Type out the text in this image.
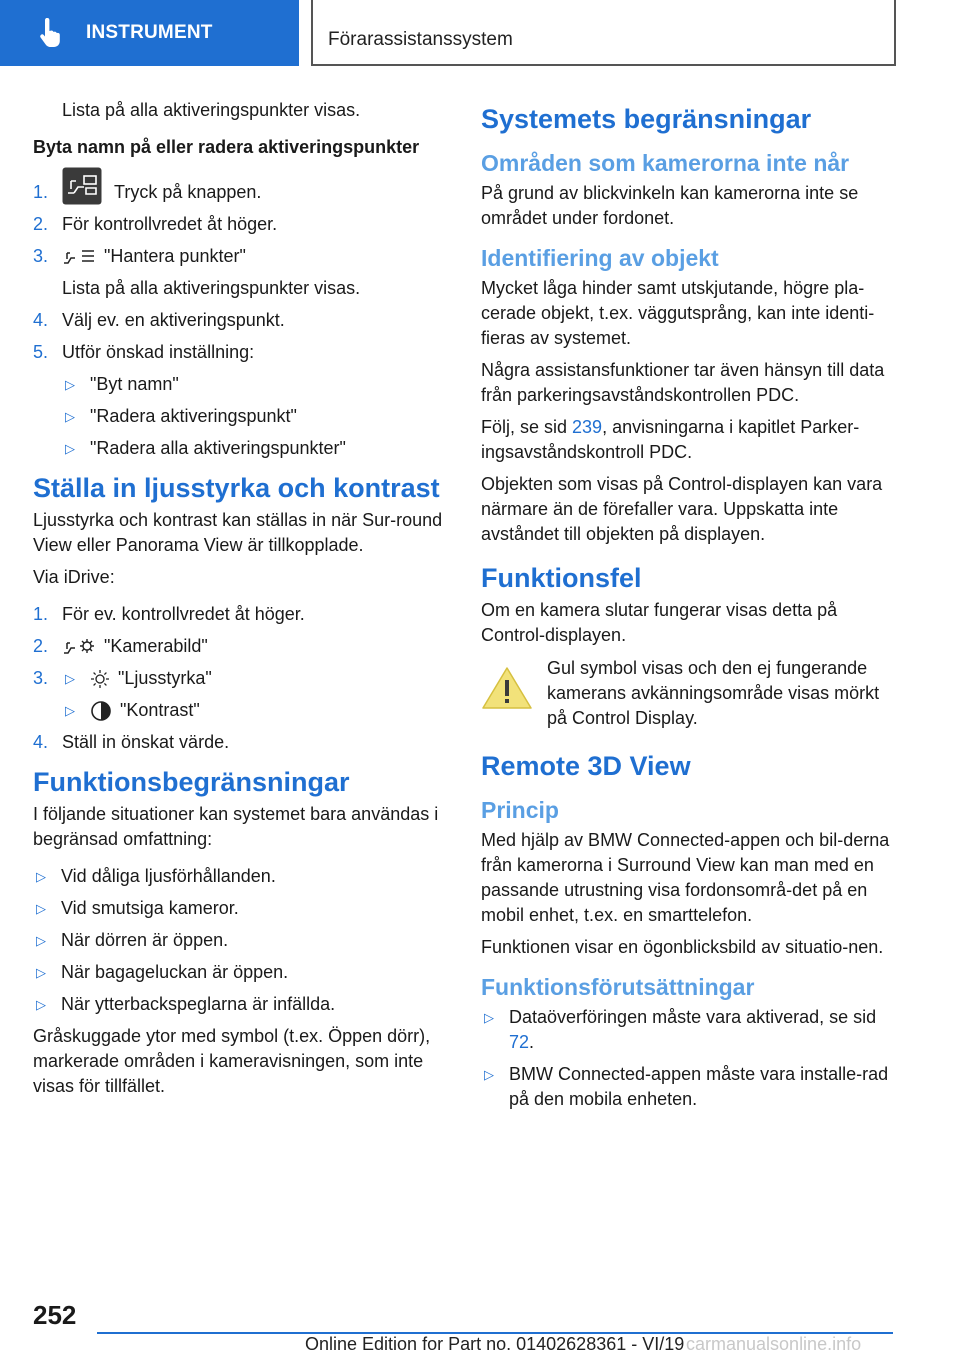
INSTRUMENT	Förarassistanssystem
Lista på alla aktiveringspunkter visas.
Byta namn på eller radera aktiveringspunkter
1.	Tryck på knappen.
2. För kontrollvredet åt höger.
3.	"Hantera punkter"
Lista på alla aktiveringspunkter visas.
4. Välj ev. en aktiveringspunkt.
5. Utför önskad inställning:
▷ "Byt namn"
▷ "Radera aktiveringspunkt"
▷ "Radera alla aktiveringspunkter"
Ställa in ljusstyrka och kontrast
Ljusstyrka och kontrast kan ställas in när Sur-round View eller Panorama View är tillkopplade.
Via iDrive:
1. För ev. kontrollvredet åt höger.
2.	"Kamerabild"
3.	▷	"Ljusstyrka"
▷	"Kontrast"
4. Ställ in önskat värde.
Funktionsbegränsningar
I följande situationer kan systemet bara användas i begränsad omfattning:
▷ Vid dåliga ljusförhållanden.
▷ Vid smutsiga kameror.
▷ När dörren är öppen.
▷ När bagageluckan är öppen.
▷ När ytterbackspeglarna är infällda.
Gråskuggade ytor med symbol (t.ex. Öppen dörr), markerade områden i kameravisningen, som inte visas för tillfället.
Systemets begränsningar
Områden som kamerorna inte når
På grund av blickvinkeln kan kamerorna inte se området under fordonet.
Identifiering av objekt
Mycket låga hinder samt utskjutande, högre pla-cerade objekt, t.ex. väggutsprång, kan inte identi-fieras av systemet.
Några assistansfunktioner tar även hänsyn till data från parkeringsavståndskontrollen PDC.
Följ, se sid 239, anvisningarna i kapitlet Parker-ingsavståndskontroll PDC.
Objekten som visas på Control-displayen kan vara närmare än de förefaller vara. Uppskatta inte avståndet till objekten på displayen.
Funktionsfel
Om en kamera slutar fungerar visas detta på Control-displayen.
Gul symbol visas och den ej fungerande kamerans avkänningsområde visas mörkt på Control Display.
Remote 3D View
Princip
Med hjälp av BMW Connected-appen och bil-derna från kamerorna i Surround View kan man med en passande utrustning visa fordonsområ-det på en mobil enhet, t.ex. en smarttelefon.
Funktionen visar en ögonblicksbild av situatio-nen.
Funktionsförutsättningar
▷ Dataöverföringen måste vara aktiverad, se sid 72.
▷ BMW Connected-appen måste vara installe-rad på den mobila enheten.
252
Online Edition for Part no. 01402628361 - VI/19 carmanualsonline.info
